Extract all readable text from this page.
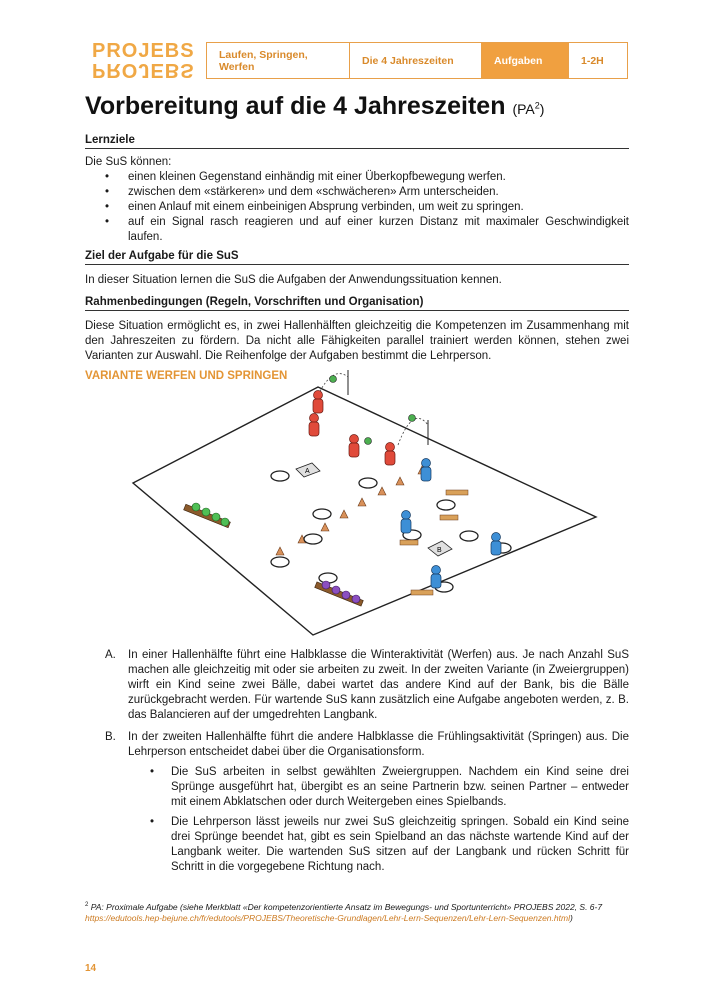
PROJEBS
PROJEBS
Laufen, Springen, Werfen	Die 4 Jahreszeiten	Aufgaben	1-2H
Vorbereitung auf die 4 Jahreszeiten $(PA^2)$
Lernziele
Die SuS können:
• einen kleinen Gegenstand einhändig mit einer Überkopfbewegung werfen.
• zwischen dem «stärkeren» und dem «schwächeren» Arm unterscheiden.
• einen Anlauf mit einem einbeinigen Absprung verbinden, um weit zu springen.
• auf ein Signal rasch reagieren und auf einer kurzen Distanz mit maximaler Geschwindigkeit laufen.
Ziel der Aufgabe für die SuS
In dieser Situation lernen die SuS die Aufgaben der Anwendungssituation kennen.
Rahmenbedingungen (Regeln, Vorschriften und Organisation)
Diese Situation ermöglicht es, in zwei Hallenhälften gleichzeitig die Kompetenzen im Zusammenhang mit den Jahreszeiten zu fördern. Da nicht alle Fähigkeiten parallel trainiert werden können, stehen zwei Varianten zur Auswahl. Die Reihenfolge der Aufgaben bestimmt die Lehrperson.
VARIANTE WERFEN UND SPRINGEN
A
B
A. In einer Hallenhälfte führt eine Halbklasse die Winteraktivität (Werfen) aus. Je nach Anzahl SuS machen alle gleichzeitig mit oder sie arbeiten zu zweit. In der zweiten Variante (in Zweiergruppen) wirft ein Kind seine zwei Bälle, dabei wartet das andere Kind auf der Bank, bis die Bälle zurückgebracht werden. Für wartende SuS kann zusätzlich eine Aufgabe angeboten werden, z. B. das Balancieren auf der umgedrehten Langbank.
B. In der zweiten Hallenhälfte führt die andere Halbklasse die Frühlingsaktivität (Springen) aus. Die Lehrperson entscheidet dabei über die Organisationsform.
• Die SuS arbeiten in selbst gewählten Zweiergruppen. Nachdem ein Kind seine drei Sprünge ausgeführt hat, übergibt es an seine Partnerin bzw. seinen Partner – entweder mit einem Abklatschen oder durch Weitergeben eines Spielbands.
• Die Lehrperson lässt jeweils nur zwei SuS gleichzeitig springen. Sobald ein Kind seine drei Sprünge beendet hat, gibt es sein Spielband an das nächste wartende Kind auf der Langbank weiter. Die wartenden SuS sitzen auf der Langbank und rücken Schritt für Schritt in die vorgegebene Richtung nach.
$^2$ PA: Proximale Aufgabe (siehe Merkblatt «Der kompetenzorientierte Ansatz im Bewegungs- und Sportunterricht» PROJEBS 2022, S. 6-7 https://edutools.hep-bejune.ch/fr/edutools/PROJEBS/Theoretische-Grundlagen/Lehr-Lern-Sequenzen/Lehr-Lern-Sequenzen.html)
14
